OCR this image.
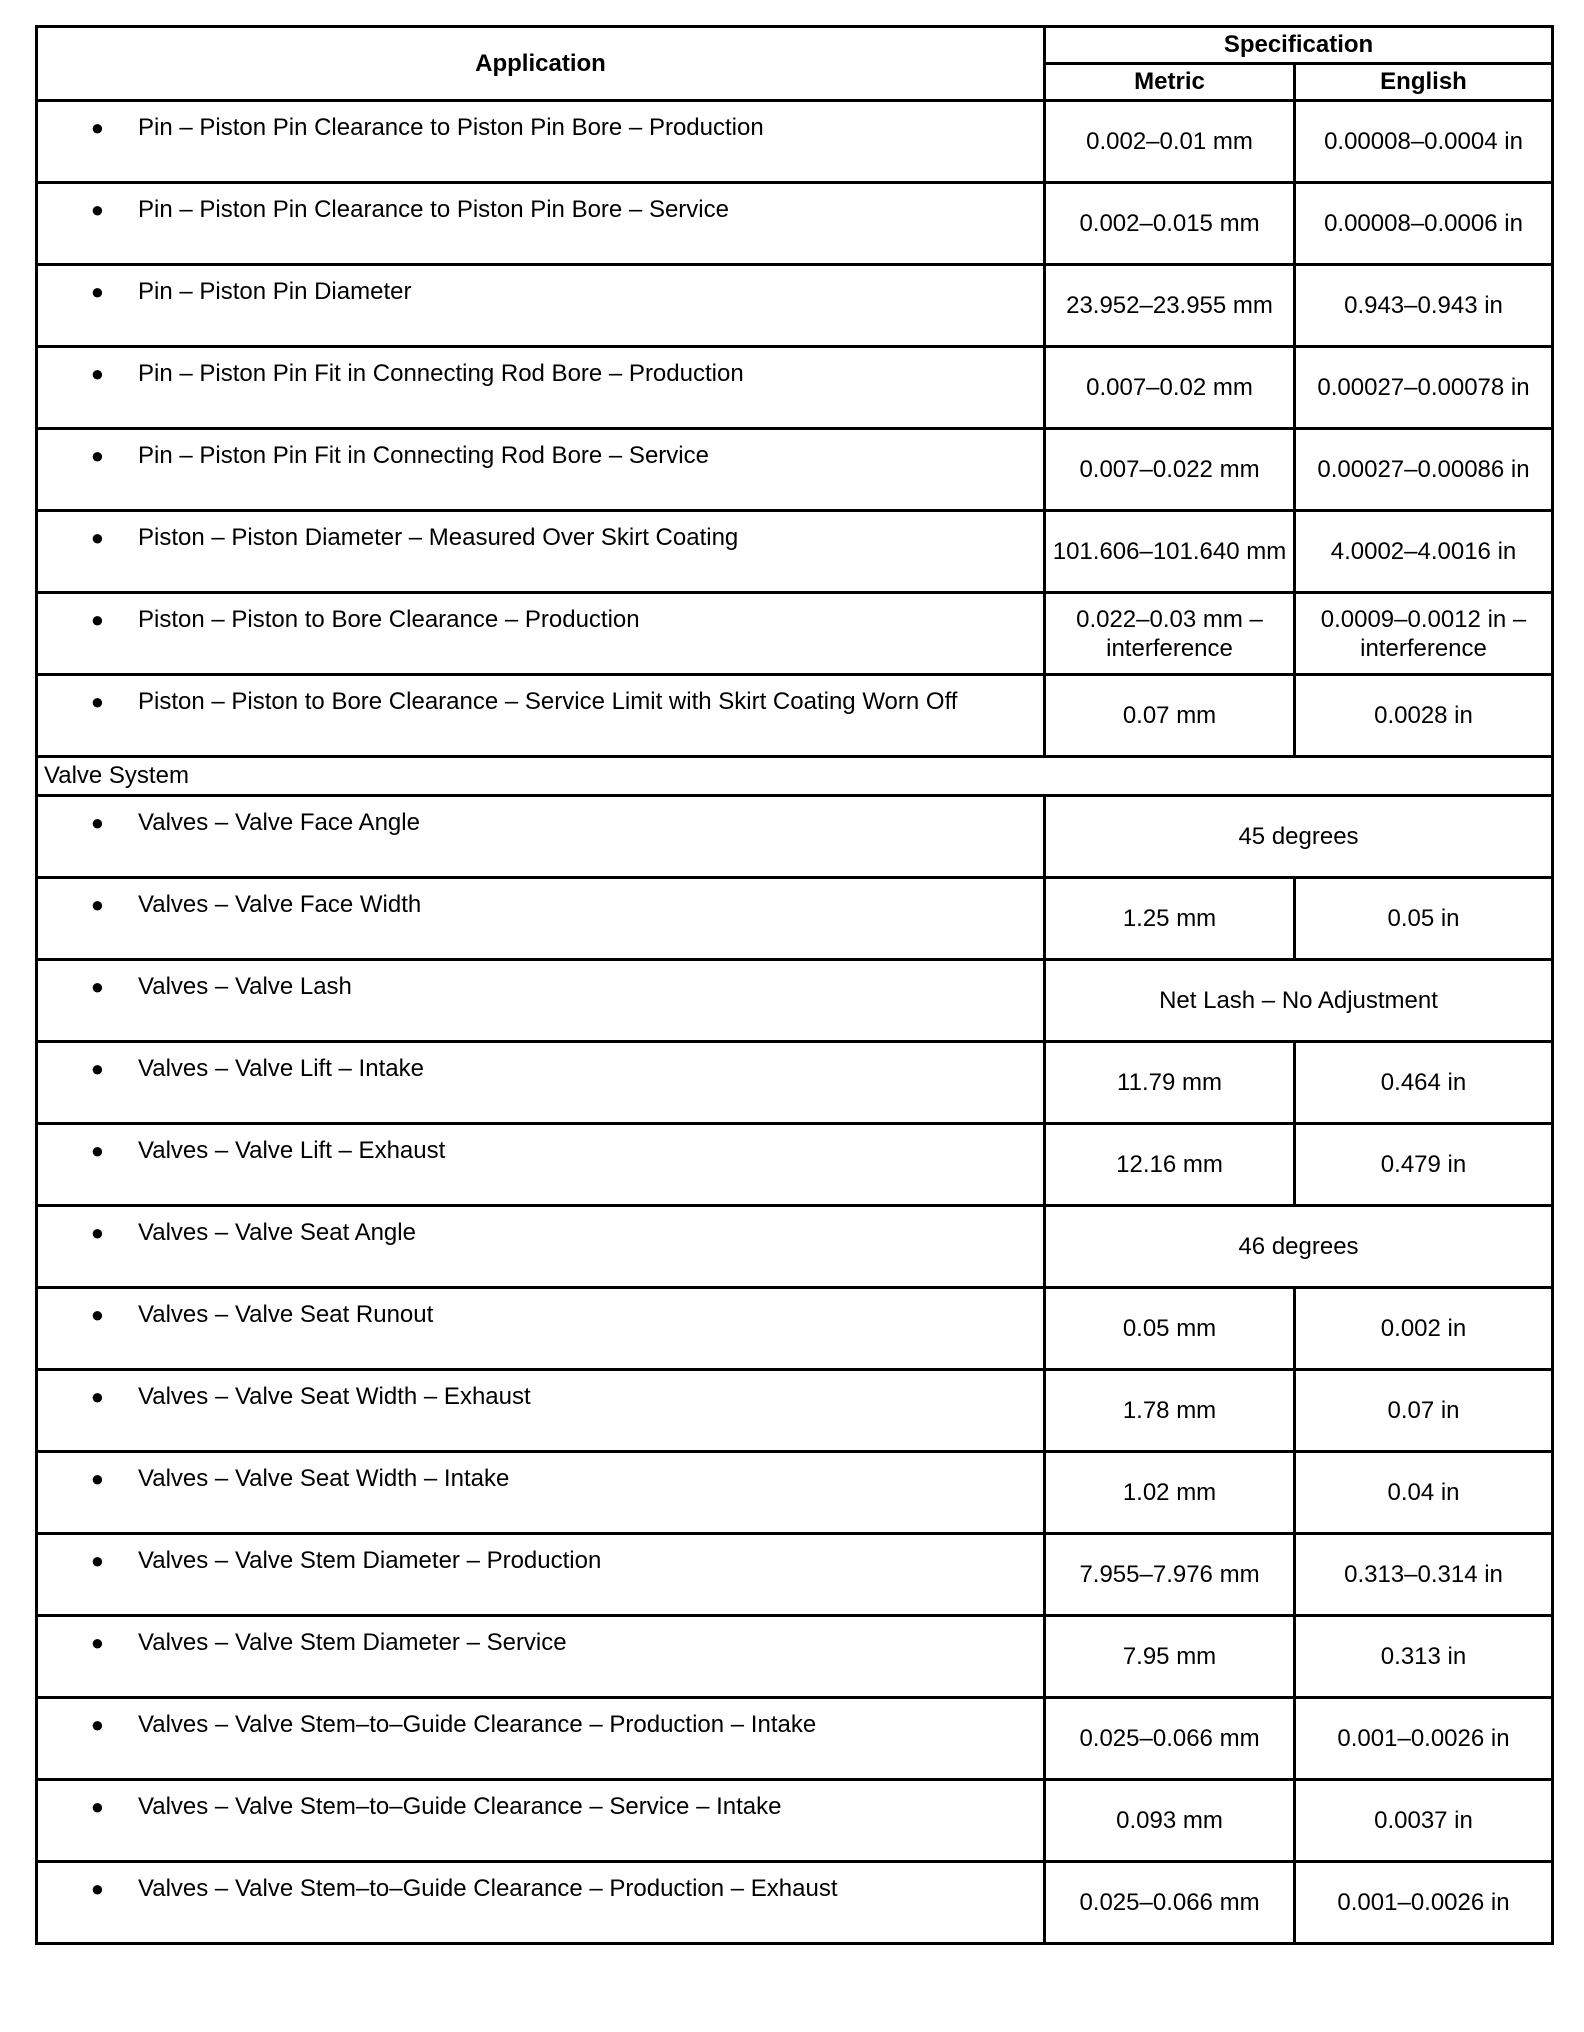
Application	Specification	
	Metric	English
● Pin – Piston Pin Clearance to Piston Pin Bore – Production	0.002–0.01 mm	0.00008–0.0004 in
● Pin – Piston Pin Clearance to Piston Pin Bore – Service	0.002–0.015 mm	0.00008–0.0006 in
● Pin – Piston Pin Diameter	23.952–23.955 mm	0.943–0.943 in
● Pin – Piston Pin Fit in Connecting Rod Bore – Production	0.007–0.02 mm	0.00027–0.00078 in
● Pin – Piston Pin Fit in Connecting Rod Bore – Service	0.007–0.022 mm	0.00027–0.00086 in
● Piston – Piston Diameter – Measured Over Skirt Coating	101.606–101.640 mm	4.0002–4.0016 in
● Piston – Piston to Bore Clearance – Production	0.022–0.03 mm – interference	0.0009–0.0012 in – interference
● Piston – Piston to Bore Clearance – Service Limit with Skirt Coating Worn Off	0.07 mm	0.0028 in
Valve System		
● Valves – Valve Face Angle	45 degrees	
● Valves – Valve Face Width	1.25 mm	0.05 in
● Valves – Valve Lash	Net Lash – No Adjustment	
● Valves – Valve Lift – Intake	11.79 mm	0.464 in
● Valves – Valve Lift – Exhaust	12.16 mm	0.479 in
● Valves – Valve Seat Angle	46 degrees	
● Valves – Valve Seat Runout	0.05 mm	0.002 in
● Valves – Valve Seat Width – Exhaust	1.78 mm	0.07 in
● Valves – Valve Seat Width – Intake	1.02 mm	0.04 in
● Valves – Valve Stem Diameter – Production	7.955–7.976 mm	0.313–0.314 in
● Valves – Valve Stem Diameter – Service	7.95 mm	0.313 in
● Valves – Valve Stem–to–Guide Clearance – Production – Intake	0.025–0.066 mm	0.001–0.0026 in
● Valves – Valve Stem–to–Guide Clearance – Service – Intake	0.093 mm	0.0037 in
● Valves – Valve Stem–to–Guide Clearance – Production – Exhaust	0.025–0.066 mm	0.001–0.0026 in
